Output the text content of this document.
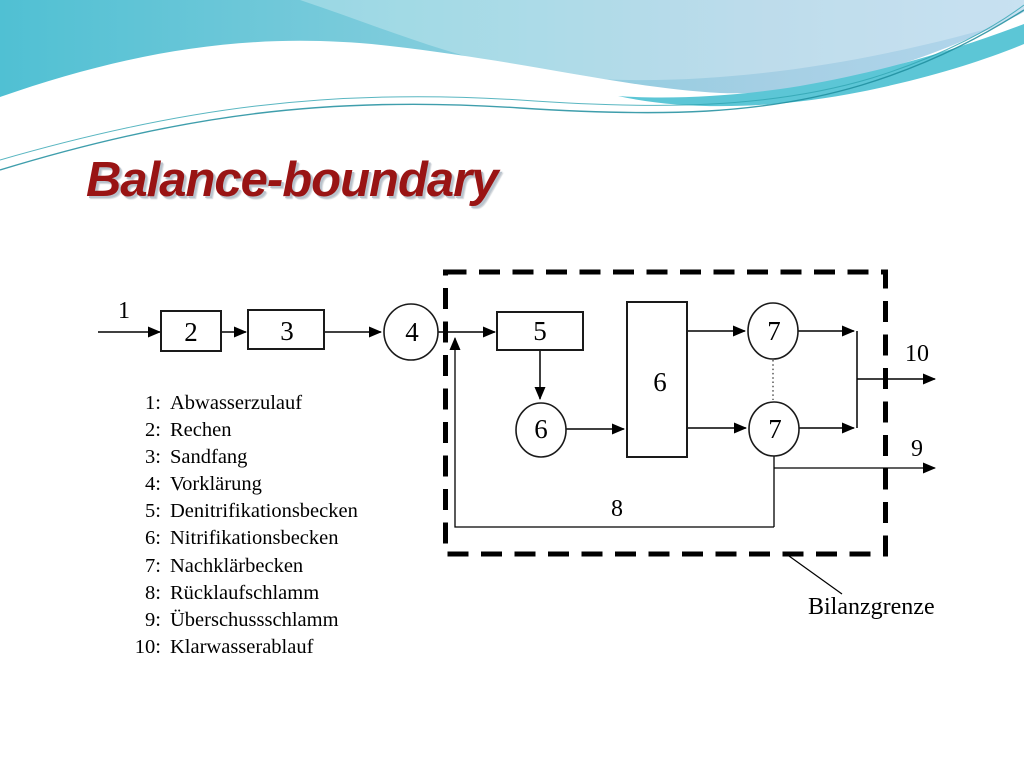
Balance-boundary
2	3	4	5
6
6
7
7
1
8
9
10
Bilanzgrenze
1: Abwasserzulauf
2: Rechen
3: Sandfang
4: Vorklärung
5: Denitrifikationsbecken
6: Nitrifikationsbecken
7: Nachklärbecken
8: Rücklaufschlamm
9: Überschussschlamm
10: Klarwasserablauf
